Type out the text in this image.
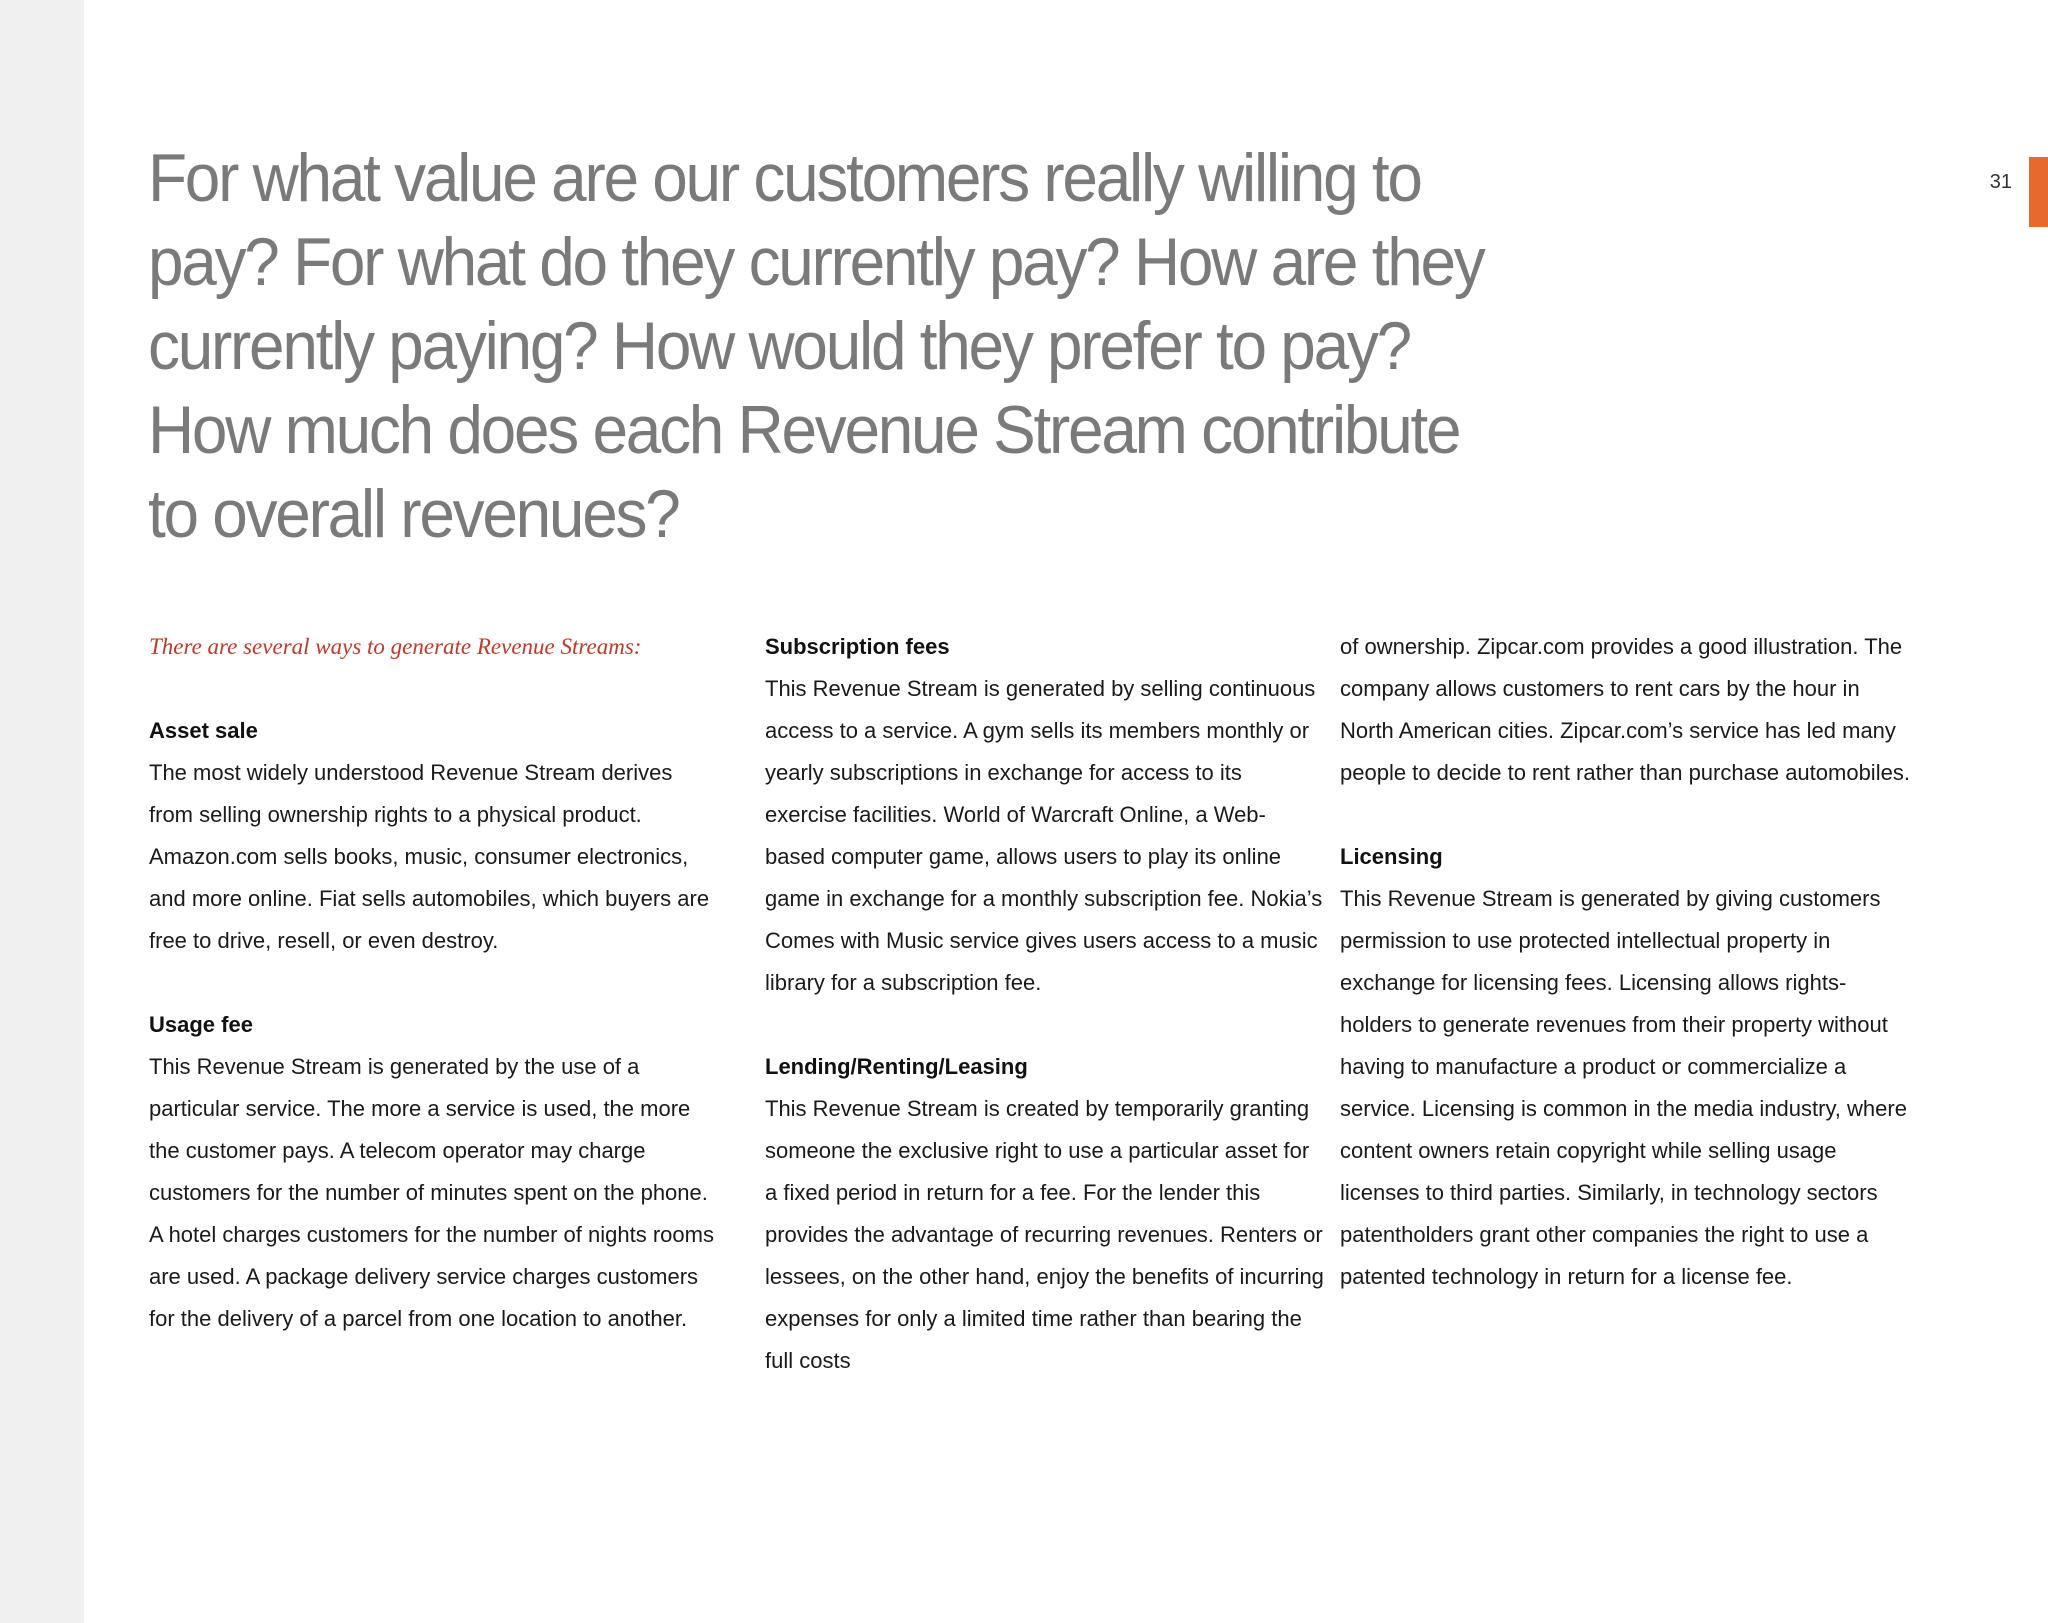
31
For what value are our customers really willing to pay? For what do they currently pay? How are they currently paying? How would they prefer to pay? How much does each Revenue Stream contribute to overall revenues?

There are several ways to generate Revenue Streams:

Asset sale

The most widely understood Revenue Stream derives from selling ownership rights to a physical product. Amazon.com sells books, music, consumer electronics, and more online. Fiat sells automobiles, which buyers are free to drive, resell, or even destroy.

Usage fee

This Revenue Stream is generated by the use of a particular service. The more a service is used, the more the customer pays. A telecom operator may charge customers for the number of minutes spent on the phone. A hotel charges customers for the number of nights rooms are used. A package delivery service charges customers for the delivery of a parcel from one location to another.

Subscription fees

This Revenue Stream is generated by selling continuous access to a service. A gym sells its members monthly or yearly subscriptions in exchange for access to its exercise facilities. World of Warcraft Online, a Web-based computer game, allows users to play its online game in exchange for a monthly subscription fee. Nokia’s Comes with Music service gives users access to a music library for a subscription fee.

Lending/Renting/Leasing

This Revenue Stream is created by temporarily granting someone the exclusive right to use a particular asset for a fixed period in return for a fee. For the lender this provides the advantage of recurring revenues. Renters or lessees, on the other hand, enjoy the benefits of incurring expenses for only a limited time rather than bearing the full costs

of ownership. Zipcar.com provides a good illustration. The company allows customers to rent cars by the hour in North American cities. Zipcar.com’s service has led many people to decide to rent rather than purchase automobiles.

Licensing

This Revenue Stream is generated by giving customers permission to use protected intellectual property in exchange for licensing fees. Licensing allows rightsholders to generate revenues from their property without having to manufacture a product or commercialize a service. Licensing is common in the media industry, where content owners retain copyright while selling usage licenses to third parties. Similarly, in technology sectors patentholders grant other companies the right to use a patented technology in return for a license fee.
